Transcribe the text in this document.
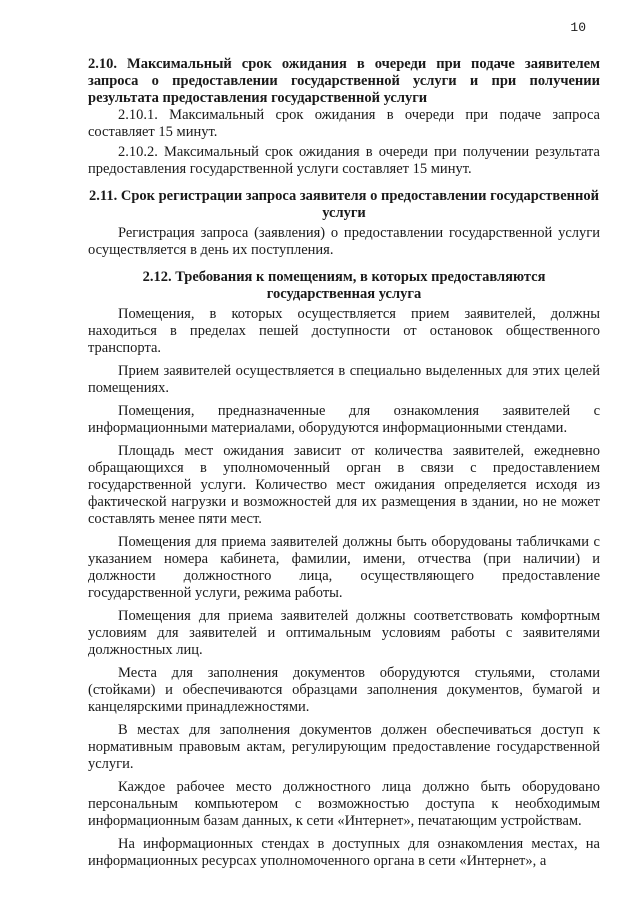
10

2.10. Максимальный срок ожидания в очереди при подаче заявителем запроса о предоставлении государственной услуги и при получении результата предоставления государственной услуги

2.10.1. Максимальный срок ожидания в очереди при подаче запроса составляет 15 минут.

2.10.2. Максимальный срок ожидания в очереди при получении результата предоставления государственной услуги составляет 15 минут.

2.11. Срок регистрации запроса заявителя о предоставлении государственной услуги

Регистрация запроса (заявления) о предоставлении государственной услуги осуществляется в день их поступления.

2.12. Требования к помещениям, в которых предоставляются государственная услуга

Помещения, в которых осуществляется прием заявителей, должны находиться в пределах пешей доступности от остановок общественного транспорта.

Прием заявителей осуществляется в специально выделенных для этих целей помещениях.

Помещения, предназначенные для ознакомления заявителей с информационными материалами, оборудуются информационными стендами.

Площадь мест ожидания зависит от количества заявителей, ежедневно обращающихся в уполномоченный орган в связи с предоставлением государственной услуги. Количество мест ожидания определяется исходя из фактической нагрузки и возможностей для их размещения в здании, но не может составлять менее пяти мест.

Помещения для приема заявителей должны быть оборудованы табличками с указанием номера кабинета, фамилии, имени, отчества (при наличии) и должности должностного лица, осуществляющего предоставление государственной услуги, режима работы.

Помещения для приема заявителей должны соответствовать комфортным условиям для заявителей и оптимальным условиям работы с заявителями должностных лиц.

Места для заполнения документов оборудуются стульями, столами (стойками) и обеспечиваются образцами заполнения документов, бумагой и канцелярскими принадлежностями.

В местах для заполнения документов должен обеспечиваться доступ к нормативным правовым актам, регулирующим предоставление государственной услуги.

Каждое рабочее место должностного лица должно быть оборудовано персональным компьютером с возможностью доступа к необходимым информационным базам данных, к сети «Интернет», печатающим устройствам.

На информационных стендах в доступных для ознакомления местах, на информационных ресурсах уполномоченного органа в сети «Интернет», а
